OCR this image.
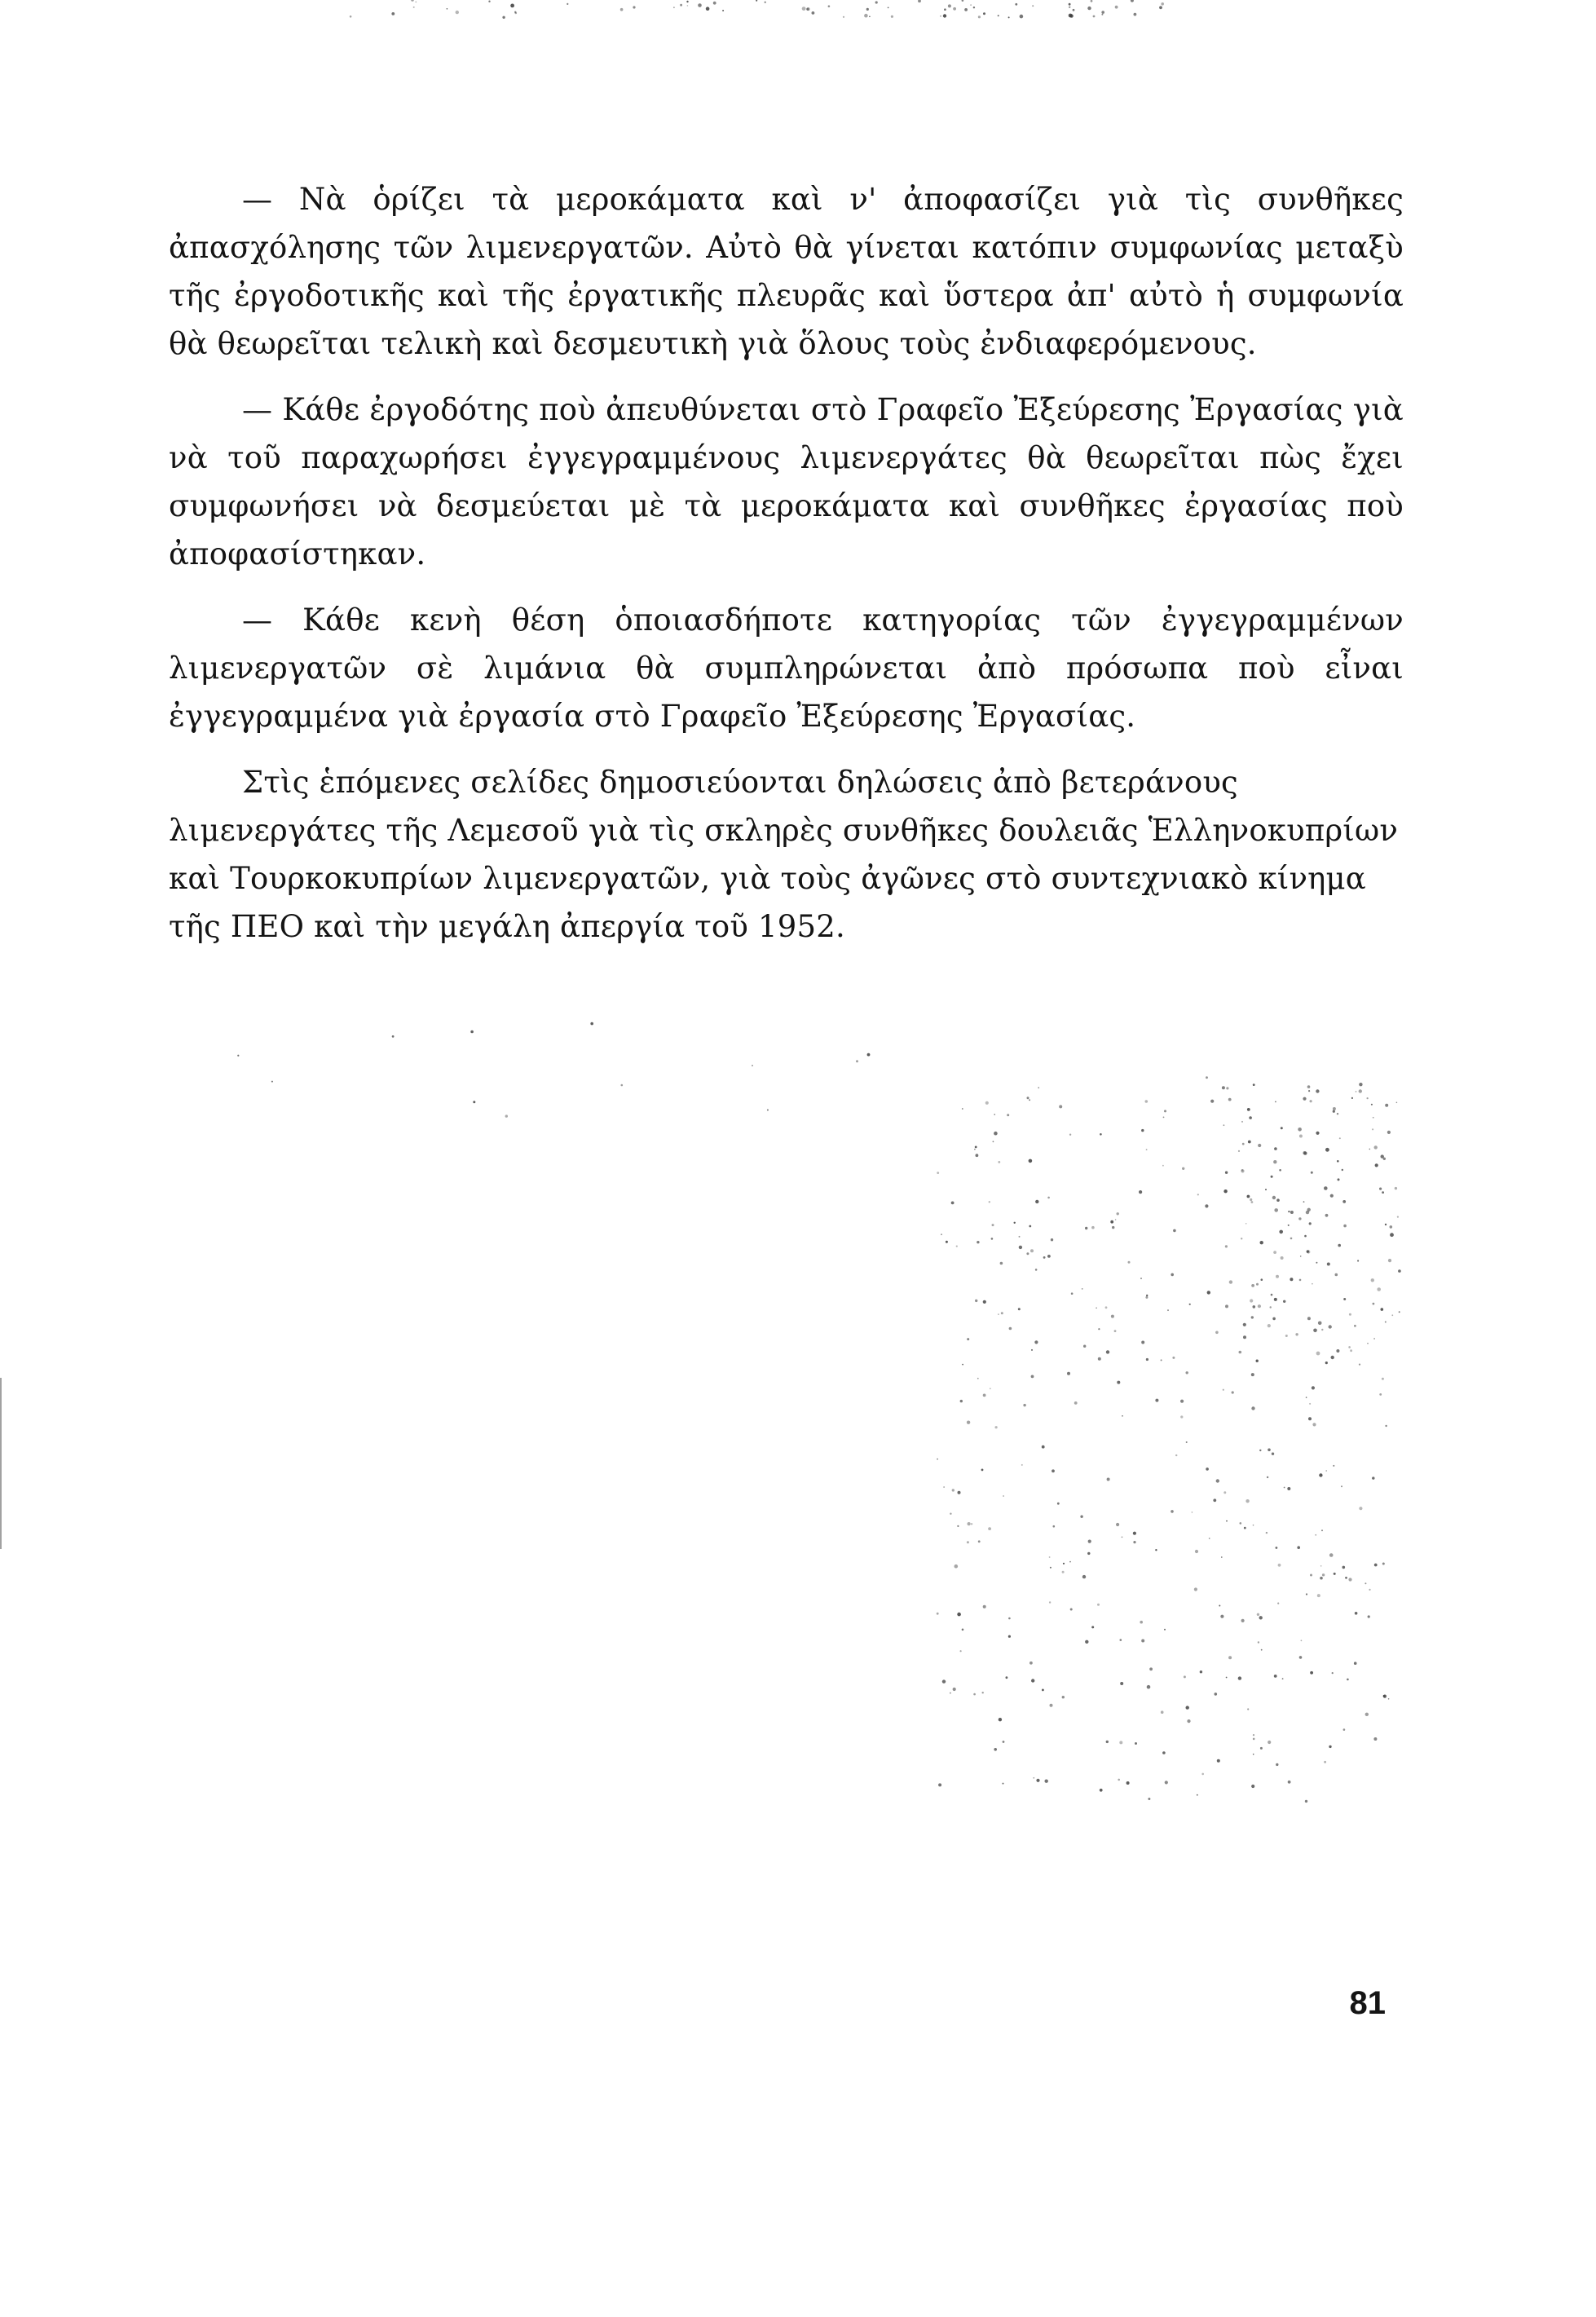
— Νὰ ὁρίζει τὰ μεροκάματα καὶ ν' ἀποφασίζει γιὰ τὶς συνθῆκες ἀπασχόλησης τῶν λιμενεργατῶν. Αὐτὸ θὰ γίνεται κατόπιν συμφωνίας μεταξὺ τῆς ἐργοδοτικῆς καὶ τῆς ἐργατικῆς πλευρᾶς καὶ ὕστερα ἀπ' αὐτὸ ἡ συμφωνία θὰ θεωρεῖται τελικὴ καὶ δεσμευτικὴ γιὰ ὅλους τοὺς ἐνδιαφερόμενους.

— Κάθε ἐργοδότης ποὺ ἀπευθύνεται στὸ Γραφεῖο Ἐξεύρεσης Ἐργασίας γιὰ νὰ τοῦ παραχωρήσει ἐγγεγραμμένους λιμενεργάτες θὰ θεωρεῖται πὼς ἔχει συμφωνήσει νὰ δεσμεύεται μὲ τὰ μεροκάματα καὶ συνθῆκες ἐργασίας ποὺ ἀποφασίστηκαν.

— Κάθε κενὴ θέση ὁποιασδήποτε κατηγορίας τῶν ἐγγεγραμμένων λιμενεργατῶν σὲ λιμάνια θὰ συμπληρώνεται ἀπὸ πρόσωπα ποὺ εἶναι ἐγγεγραμμένα γιὰ ἐργασία στὸ Γραφεῖο Ἐξεύρεσης Ἐργασίας.

Στὶς ἑπόμενες σελίδες δημοσιεύονται δηλώσεις ἀπὸ βετεράνους λιμενεργάτες τῆς Λεμεσοῦ γιὰ τὶς σκληρὲς συνθῆκες δουλειᾶς Ἑλληνοκυπρίων καὶ Τουρκοκυπρίων λιμενεργατῶν, γιὰ τοὺς ἀγῶνες στὸ συντεχνιακὸ κίνημα τῆς ΠΕΟ καὶ τὴν μεγάλη ἀπεργία τοῦ 1952.

81
